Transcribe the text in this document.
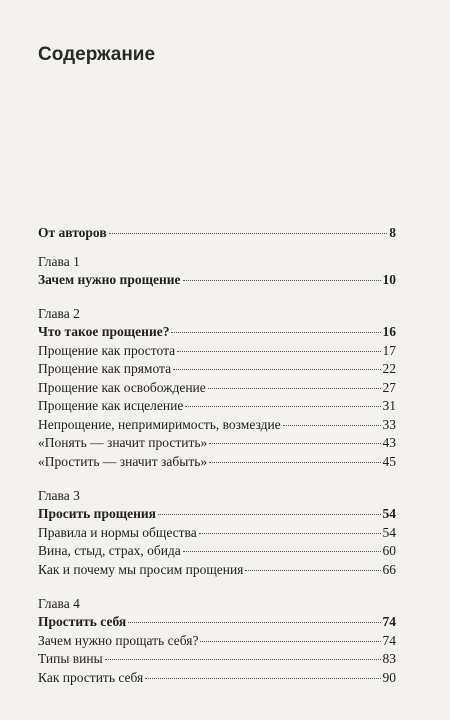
Содержание
От авторов	8
Глава 1
Зачем нужно прощение	10
Глава 2
Что такое прощение?	16
Прощение как простота	17
Прощение как прямота	22
Прощение как освобождение	27
Прощение как исцеление	31
Непрощение, непримиримость, возмездие	33
«Понять — значит простить»	43
«Простить — значит забыть»	45
Глава 3
Просить прощения	54
Правила и нормы общества	54
Вина, стыд, страх, обида	60
Как и почему мы просим прощения	66
Глава 4
Простить себя	74
Зачем нужно прощать себя?	74
Типы вины	83
Как простить себя	90
